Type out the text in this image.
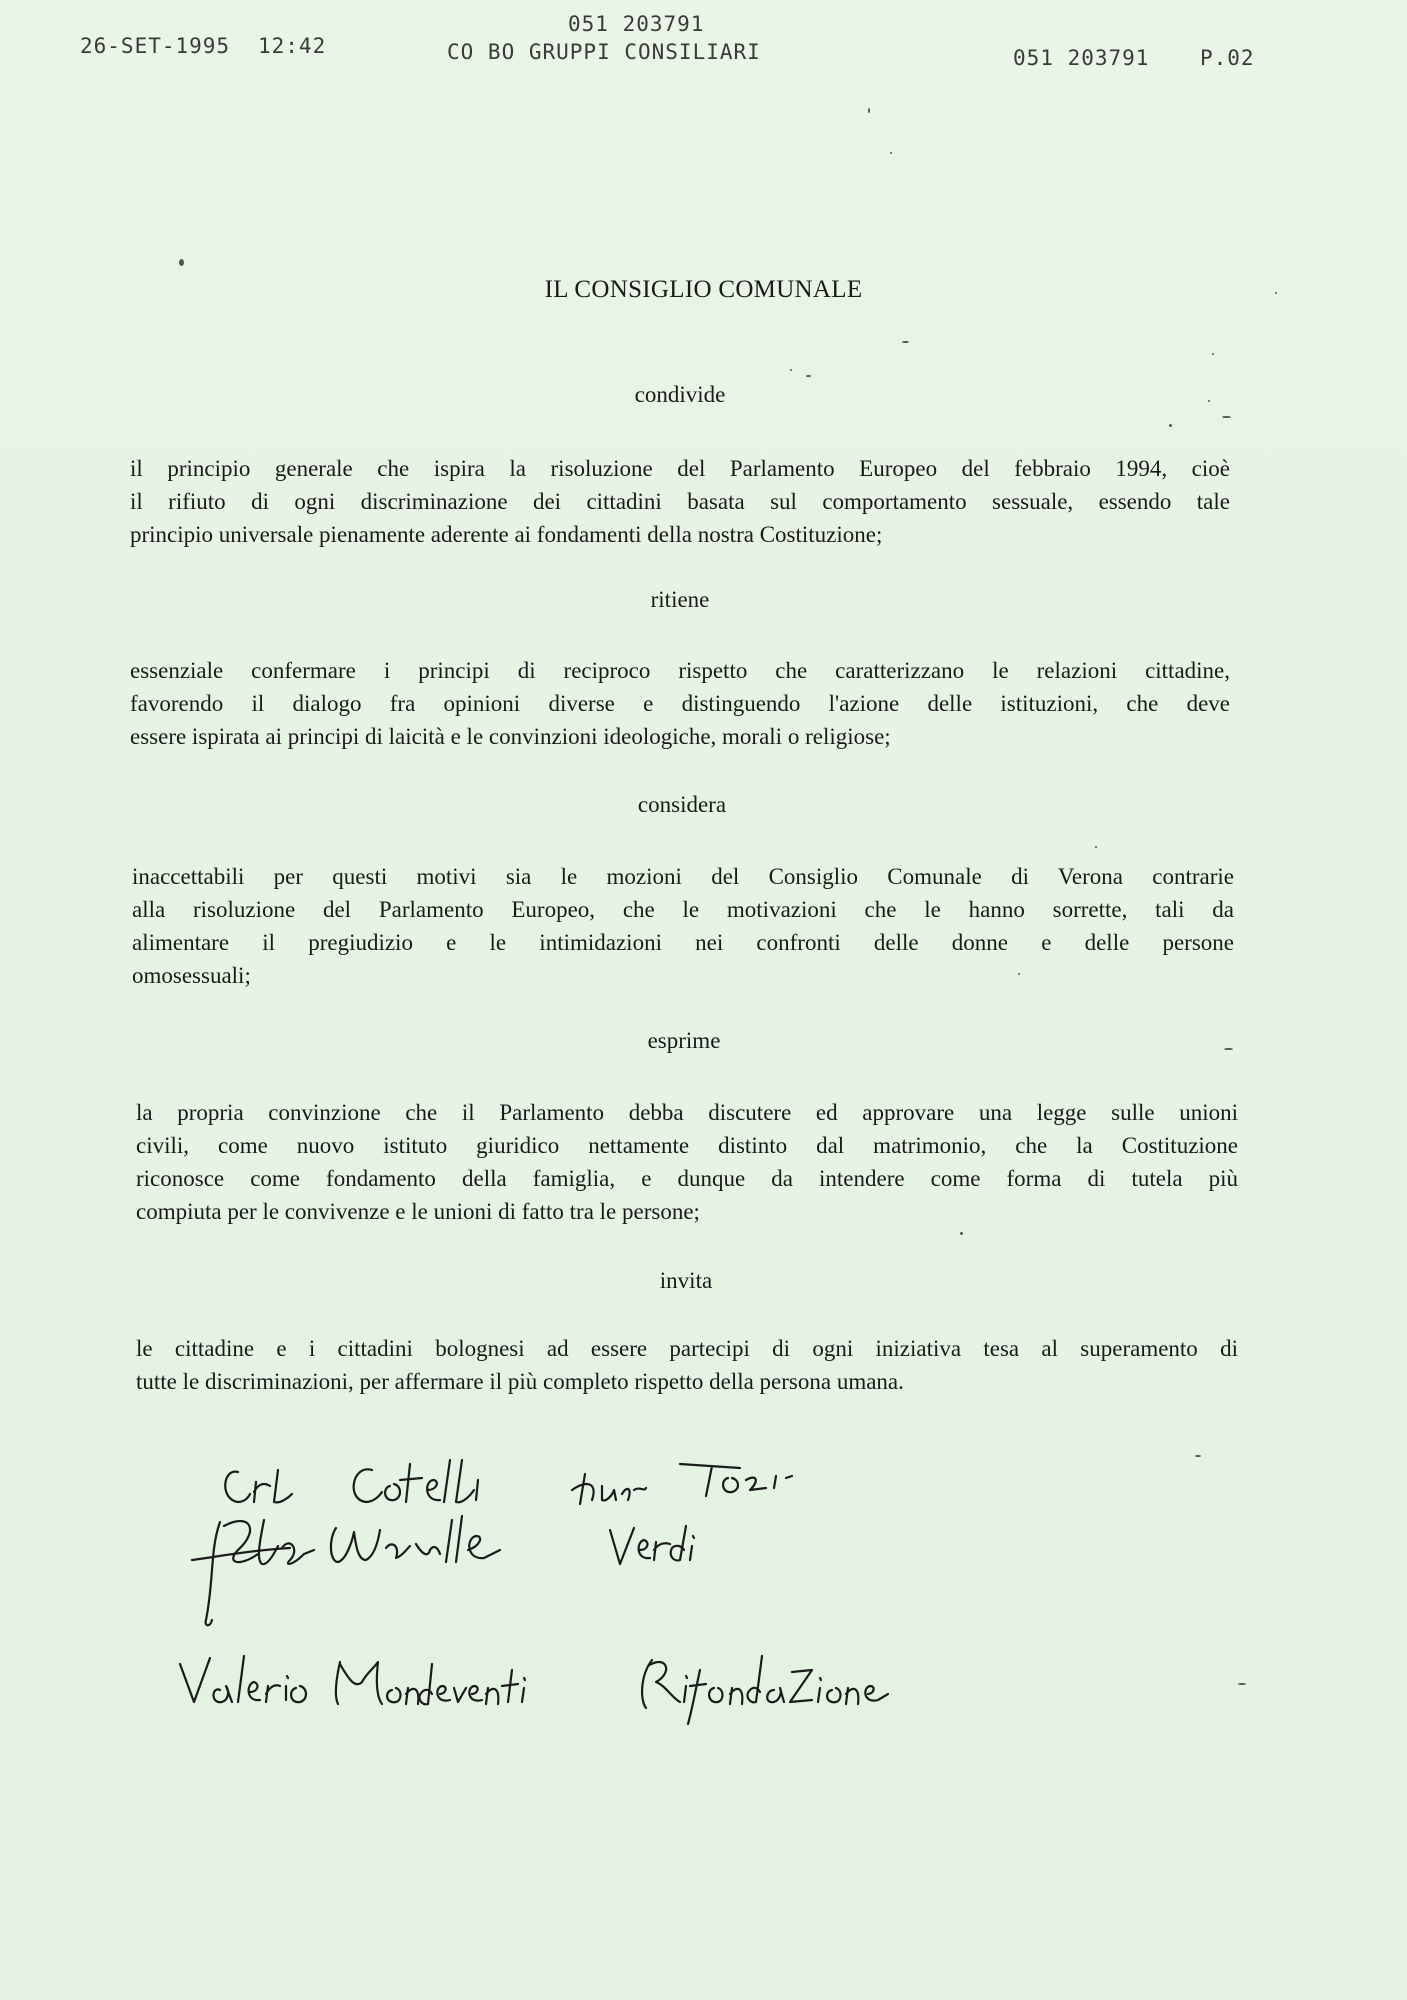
26-SET-1995 12:42
051 203791
CO BO GRUPPI CONSILIARI	051 203791 P.02
IL CONSIGLIO COMUNALE
condivide
il principio generale che ispira la risoluzione del Parlamento Europeo del febbraio 1994, cioè
il rifiuto di ogni discriminazione dei cittadini basata sul comportamento sessuale, essendo tale
principio universale pienamente aderente ai fondamenti della nostra Costituzione;
ritiene
essenziale confermare i principi di reciproco rispetto che caratterizzano le relazioni cittadine,
favorendo il dialogo fra opinioni diverse e distinguendo l'azione delle istituzioni, che deve
essere ispirata ai principi di laicità e le convinzioni ideologiche, morali o religiose;
considera
inaccettabili per questi motivi sia le mozioni del Consiglio Comunale di Verona contrarie
alla risoluzione del Parlamento Europeo, che le motivazioni che le hanno sorrette, tali da
alimentare il pregiudizio e le intimidazioni nei confronti delle donne e delle persone
omosessuali;
esprime
la propria convinzione che il Parlamento debba discutere ed approvare una legge sulle unioni
civili, come nuovo istituto giuridico nettamente distinto dal matrimonio, che la Costituzione
riconosce come fondamento della famiglia, e dunque da intendere come forma di tutela più
compiuta per le convivenze e le unioni di fatto tra le persone;
invita
le cittadine e i cittadini bolognesi ad essere partecipi di ogni iniziativa tesa al superamento di
tutte le discriminazioni, per affermare il più completo rispetto della persona umana.
